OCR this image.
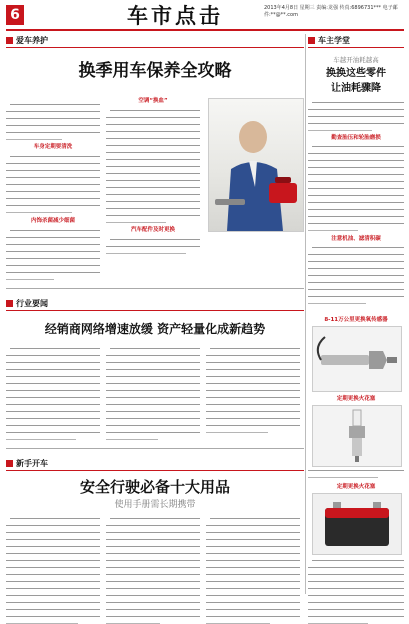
6	车市点击	2013年4月8日 星期三 责编:龙强 传真:6896731*** 电子邮件:**@**.com
爱车养护
换季用车保养全攻略
车身定期要清洗
内饰杀菌减少细菌
空调“换血”
汽车配件及时更换
行业要闻
经销商网络增速放缓 资产轻量化成新趋势
新手开车
安全行驶必备十大用品
使用手册需长期携带
车主学堂
车越开油耗越高
换换这些零件
让油耗骤降
勤查胎压和轮胎磨损
注意机油、滤清积碳
8-11万公里更换氧传感器
定期更换火花塞
定期更换火花塞
